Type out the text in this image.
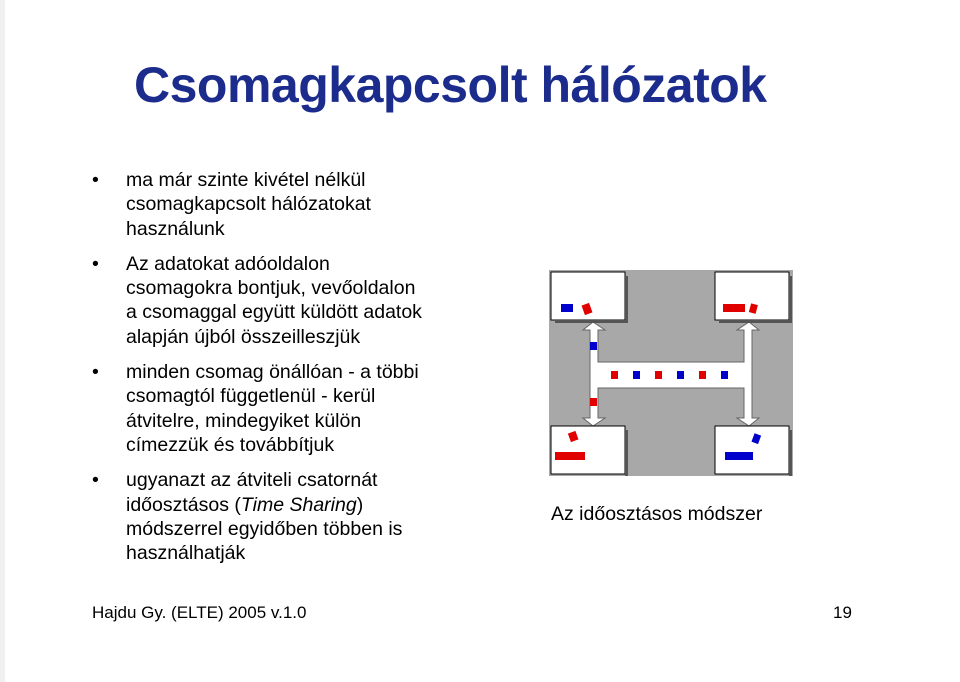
Csomagkapcsolt hálózatok
• ma már szinte kivétel nélkül
csomagkapcsolt hálózatokat
használunk
• Az adatokat adóoldalon
csomagokra bontjuk, vevőoldalon
a csomaggal együtt küldött adatok
alapján újból összeilleszjük
• minden csomag önállóan - a többi
csomagtól függetlenül - kerül
átvitelre, mindegyiket külön
címezzük és továbbítjuk
• ugyanazt az átviteli csatornát
időosztásos (Time Sharing)
módszerrel egyidőben többen is
használhatják
Az időosztásos módszer
Hajdu Gy. (ELTE) 2005 v.1.0	19
